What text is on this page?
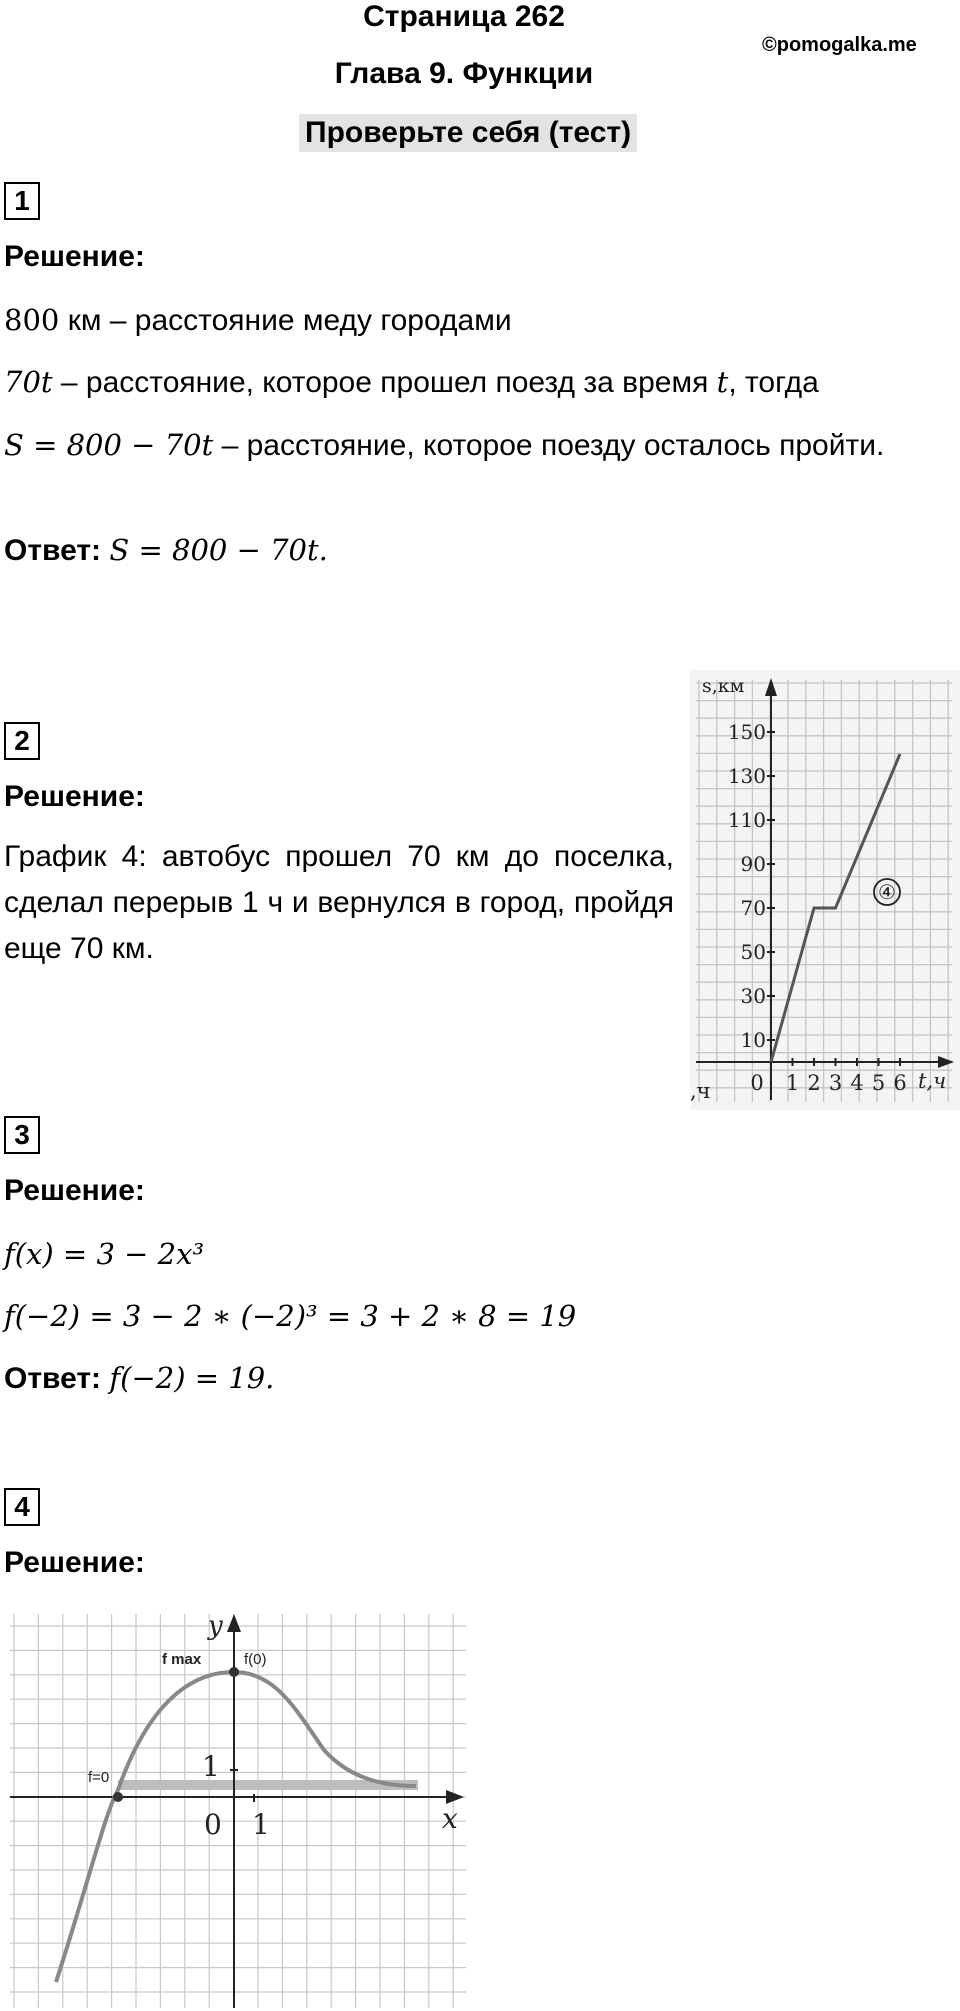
Страница 262
©pomogalka.me
Глава 9. Функции
Проверьте себя (тест)
1
Решение:
800 км – расстояние меду городами
70t – расстояние, которое прошел поезд за время t, тогда
S = 800 − 70t – расстояние, которое поезду осталось пройти.
Ответ: S = 800 − 70t.
2
Решение:
График 4: автобус прошел 70 км до поселка, сделал перерыв 1 ч и вернулся в город, пройдя еще 70 км.
s,км
t,ч
,ч
150
130
110
90
70
50
30
10
0 1 2 3 4 5 6
④
3
Решение:
f(x) = 3 − 2x³
f(−2) = 3 − 2 ∗ (−2)³ = 3 + 2 ∗ 8 = 19
Ответ: f(−2) = 19.
4
Решение:
y
x
0 1
1
f max	f(0)
f=0
